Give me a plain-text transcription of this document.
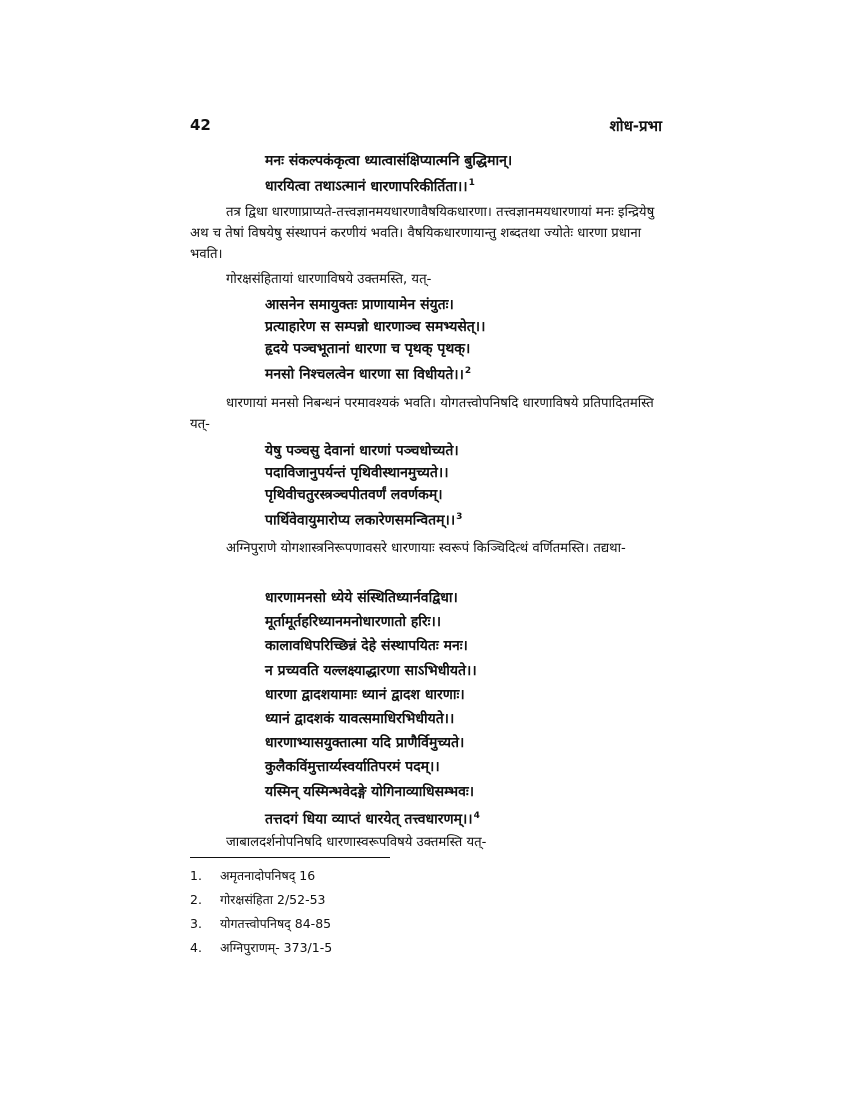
42	शोध-प्रभा
मनः संकल्पकंकृत्वा ध्यात्वासंक्षिप्यात्मनि बुद्धिमान्।
धारयित्वा तथाऽत्मानं धारणापरिकीर्तिता।।$^1$

तत्र द्विधा धारणाप्राप्यते-तत्त्वज्ञानमयधारणावैषयिकधारणा। तत्त्वज्ञानमयधारणायां मनः इन्द्रियेषु अथ च तेषां विषयेषु संस्थापनं करणीयं भवति। वैषयिकधारणायान्तु शब्दतथा ज्योतेः धारणा प्रधाना भवति।

गोरक्षसंहितायां धारणाविषये उक्तमस्ति, यत्-

आसनेन समायुक्तः प्राणायामेन संयुतः।
प्रत्याहारेण स सम्पन्नो धारणाञ्च समभ्यसेत्।।
हृदये पञ्चभूतानां धारणा च पृथक् पृथक्।
मनसो निश्चलत्वेन धारणा सा विधीयते।।$^2$

धारणायां मनसो निबन्धनं परमावश्यकं भवति। योगतत्त्वोपनिषदि धारणाविषये प्रतिपादितमस्ति यत्-

येषु पञ्चसु देवानां धारणां पञ्चधोच्यते।
पदाविजानुपर्यन्तं पृथिवीस्थानमुच्यते।।
पृथिवीचतुरस्त्रञ्चपीतवर्णं लवर्णकम्।
पार्थिवेवायुमारोप्य लकारेणसमन्वितम्।।$^3$

अग्निपुराणे योगशास्त्रनिरूपणावसरे धारणायाः स्वरूपं किञ्चिदित्थं वर्णितमस्ति। तद्यथा-

धारणामनसो ध्येये संस्थितिध्यार्नवद्विधा।
मूर्तामूर्तहरिध्यानमनोधारणातो हरिः।।
कालावधिपरिच्छिन्नं देहे संस्थापयितः मनः।
न प्रच्यवति यल्लक्ष्याद्धारणा साऽभिधीयते।।
धारणा द्वादशयामाः ध्यानं द्वादश धारणाः।
ध्यानं द्वादशकं यावत्समाधिरभिधीयते।।
धारणाभ्यासयुक्तात्मा यदि प्राणैर्विमुच्यते।
कुलैकविंमुत्तार्य्यस्वर्यातिपरमं पदम्।।
यस्मिन् यस्मिन्भवेदङ्गे योगिनाव्याधिसम्भवः।
तत्तदगं धिया व्याप्तं धारयेत् तत्त्वधारणम्।।$^4$

जाबालदर्शनोपनिषदि धारणास्वरूपविषये उक्तमस्ति यत्-

1.	अमृतनादोपनिषद् 16
2.	गोरक्षसंहिता 2/52-53
3.	योगतत्त्वोपनिषद् 84-85
4.	अग्निपुराणम्- 373/1-5
